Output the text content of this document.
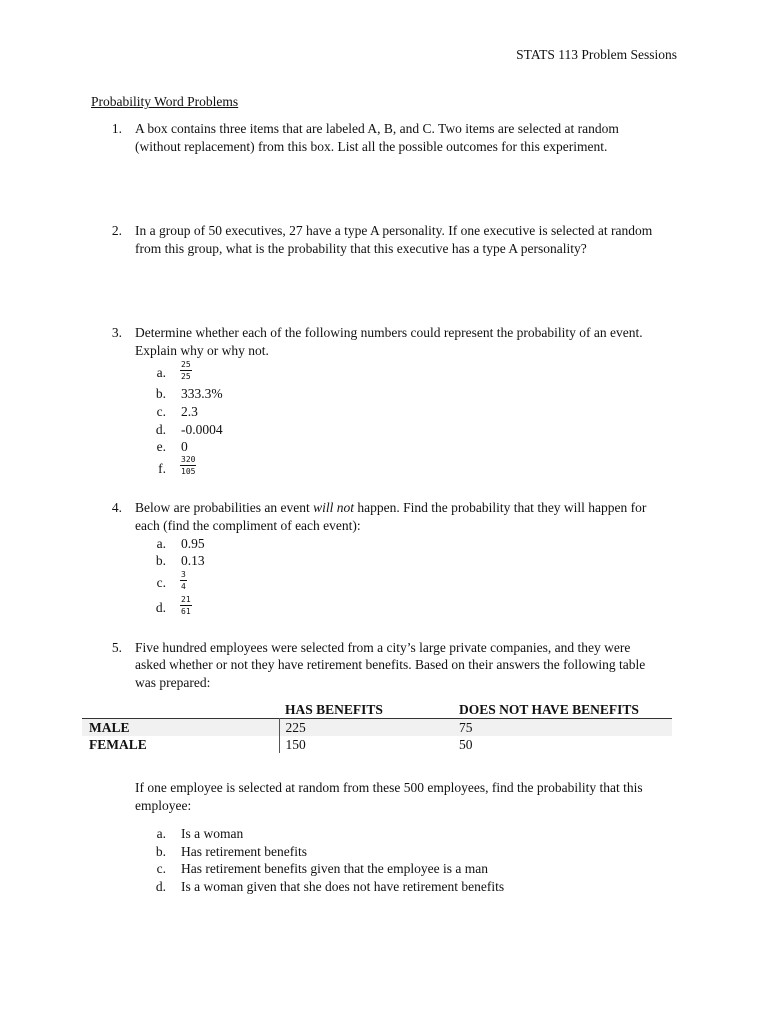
STATS 113 Problem Sessions
Probability Word Problems
1. A box contains three items that are labeled A, B, and C. Two items are selected at random
(without replacement) from this box. List all the possible outcomes for this experiment.
2. In a group of 50 executives, 27 have a type A personality. If one executive is selected at random
from this group, what is the probability that this executive has a type A personality?
3. Determine whether each of the following numbers could represent the probability of an event.
Explain why or why not.
a.
25
25
b. 333.3%
c. 2.3
d. -0.0004
e. 0
f.
320
105
4. Below are probabilities an event will not happen. Find the probability that they will happen for
each (find the compliment of each event):
a. 0.95
b. 0.13
c.
3
4
d.
21
61
5. Five hundred employees were selected from a city’s large private companies, and they were
asked whether or not they have retirement benefits. Based on their answers the following table
was prepared:
	HAS BENEFITS	DOES NOT HAVE BENEFITS
MALE	225	75
FEMALE	150	50
If one employee is selected at random from these 500 employees, find the probability that this
employee:
a. Is a woman
b. Has retirement benefits
c. Has retirement benefits given that the employee is a man
d. Is a woman given that she does not have retirement benefits
